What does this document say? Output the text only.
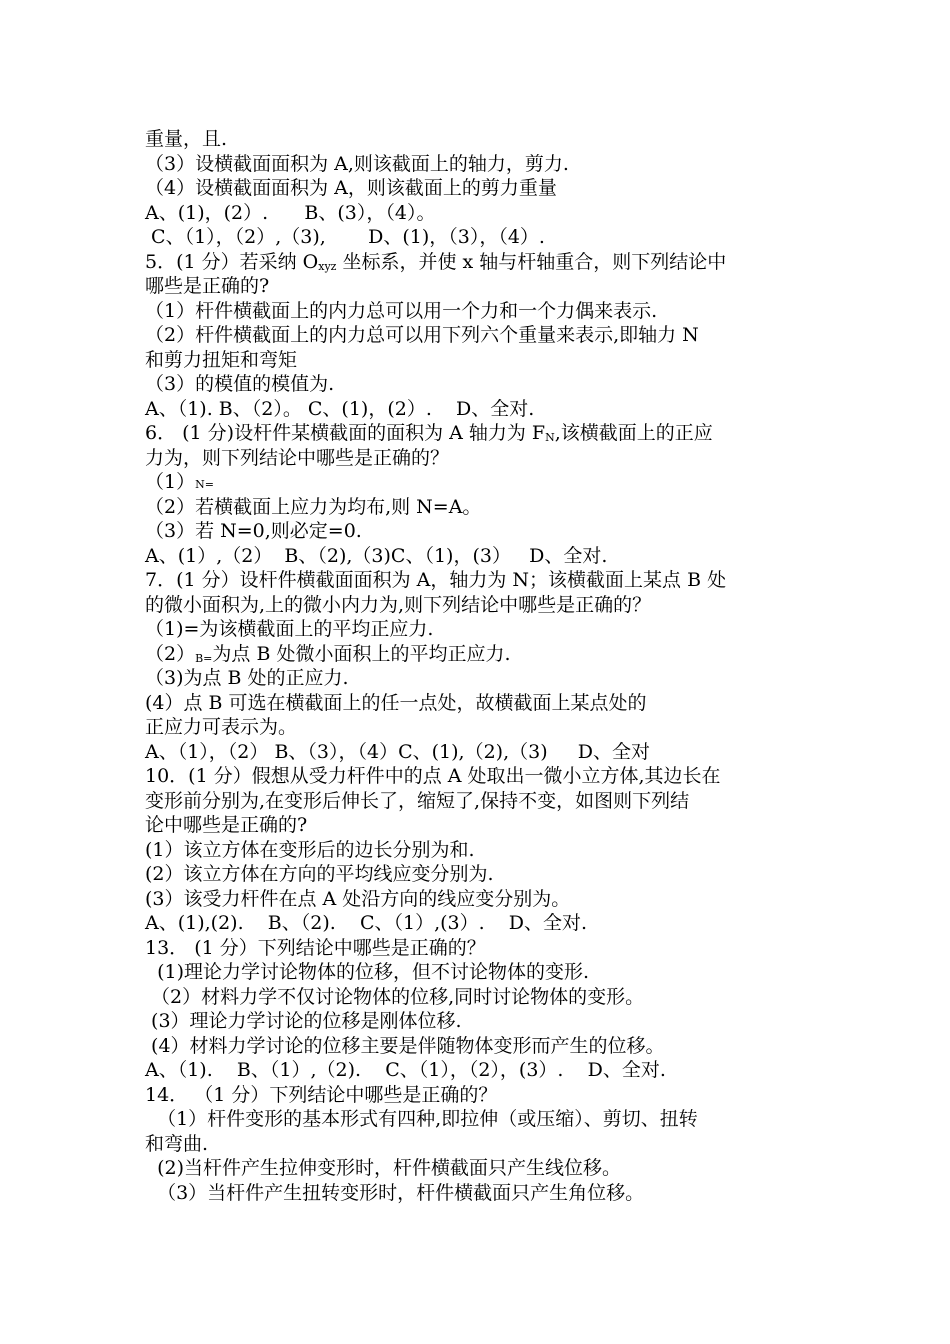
重量，且.
（3）设横截面面积为 A,则该截面上的轴力，剪力.
（4）设横截面面积为 A，则该截面上的剪力重量
A、(1)，(2）.      B、(3），（4）。
C、（1），（2）,（3),       D、(1)，（3），（4）.
5．(1 分）若采纳 $O_{xyz}$ 坐标系，并使 x 轴与杆轴重合，则下列结论中
哪些是正确的?
（1）杆件横截面上的内力总可以用一个力和一个力偶来表示.
（2）杆件横截面上的内力总可以用下列六个重量来表示,即轴力 N
和剪力扭矩和弯矩
（3）的模值的模值为.
A、（1). B、（2）。 C、(1)，(2）.    D、全对.
6． (1 分)设杆件某横截面的面积为 A 轴力为 $F_N$,该横截面上的正应
力为，则下列结论中哪些是正确的？
（1）N=
（2）若横截面上应力为均布,则 N=A。
（3）若 N=0,则必定=0.
A、(1）,（2）  B、（2),（3)C、（1)，(3）   D、全对.
7．(1 分）设杆件横截面面积为 A，轴力为 N；该横截面上某点 B 处
的微小面积为,上的微小内力为,则下列结论中哪些是正确的？
（1)=为该横截面上的平均正应力.
$(2)_{B=}$为点 B 处微小面积上的平均正应力.
（3)为点 B 处的正应力.
(4）点 B 可选在横截面上的任一点处，故横截面上某点处的
正应力可表示为。
A、（1），（2） B、（3），（4）C、(1),（2),（3)     D、全对
10．(1 分）假想从受力杆件中的点 A 处取出一微小立方体,其边长在
变形前分别为,在变形后伸长了，缩短了,保持不变，如图则下列结
论中哪些是正确的?
(1）该立方体在变形后的边长分别为和.
(2）该立方体在方向的平均线应变分别为.
(3）该受力杆件在点 A 处沿方向的线应变分别为。
A、(1),(2).    B、（2).    C、（1）,(3）.    D、全对.
13． (1 分）下列结论中哪些是正确的？
(1)理论力学讨论物体的位移，但不讨论物体的变形.
（2）材料力学不仅讨论物体的位移,同时讨论物体的变形。
(3）理论力学讨论的位移是刚体位移.
(4）材料力学讨论的位移主要是伴随物体变形而产生的位移。
A、（1).    B、（1）,（2).    C、（1），（2），(3）.    D、全对.
14． （1 分）下列结论中哪些是正确的？
（1）杆件变形的基本形式有四种,即拉伸（或压缩）、剪切、扭转
和弯曲.
(2)当杆件产生拉伸变形时，杆件横截面只产生线位移。
（3）当杆件产生扭转变形时，杆件横截面只产生角位移。
